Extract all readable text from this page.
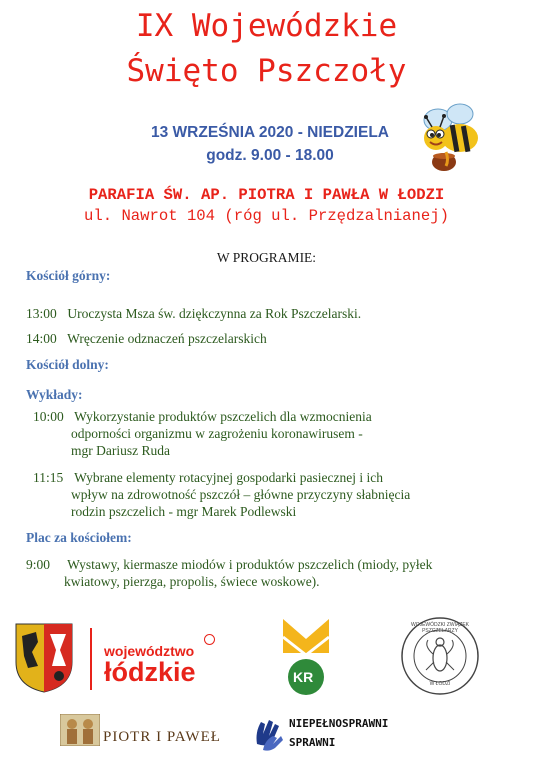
IX Wojewódzkie
Święto Pszczoły
13 WRZEŚNIA 2020 - NIEDZIELA
godz. 9.00 - 18.00
PARAFIA ŚW. AP. PIOTRA I PAWŁA W ŁODZI
ul. Nawrot 104 (róg ul. Przędzalnianej)
W PROGRAMIE:
Kościół górny:
13:00 Uroczysta Msza św. dziękczynna za Rok Pszczelarski.
14:00 Wręczenie odznaczeń pszczelarskich
Kościół dolny:
Wykłady:
10:00 Wykorzystanie produktów pszczelich dla wzmocnienia
odporności organizmu w zagrożeniu koronawirusem -
mgr Dariusz Ruda
11:15 Wybrane elementy rotacyjnej gospodarki pasiecznej i ich
wpływ na zdrowotność pszczół – główne przyczyny słabnięcia
rodzin pszczelich - mgr Marek Podlewski
Plac za kościołem:
9:00 Wystawy, kiermasze miodów i produktów pszczelich (miody, pyłek
kwiatowy, pierzga, propolis, świece woskowe).
województwo
łódzkie	KR
WOJEWÓDZKI ZWIĄZEK PSZCZELARZY
W ŁODZI
PIOTR I PAWEŁ
NIEPEŁNOSPRAWNI
SPRAWNI
